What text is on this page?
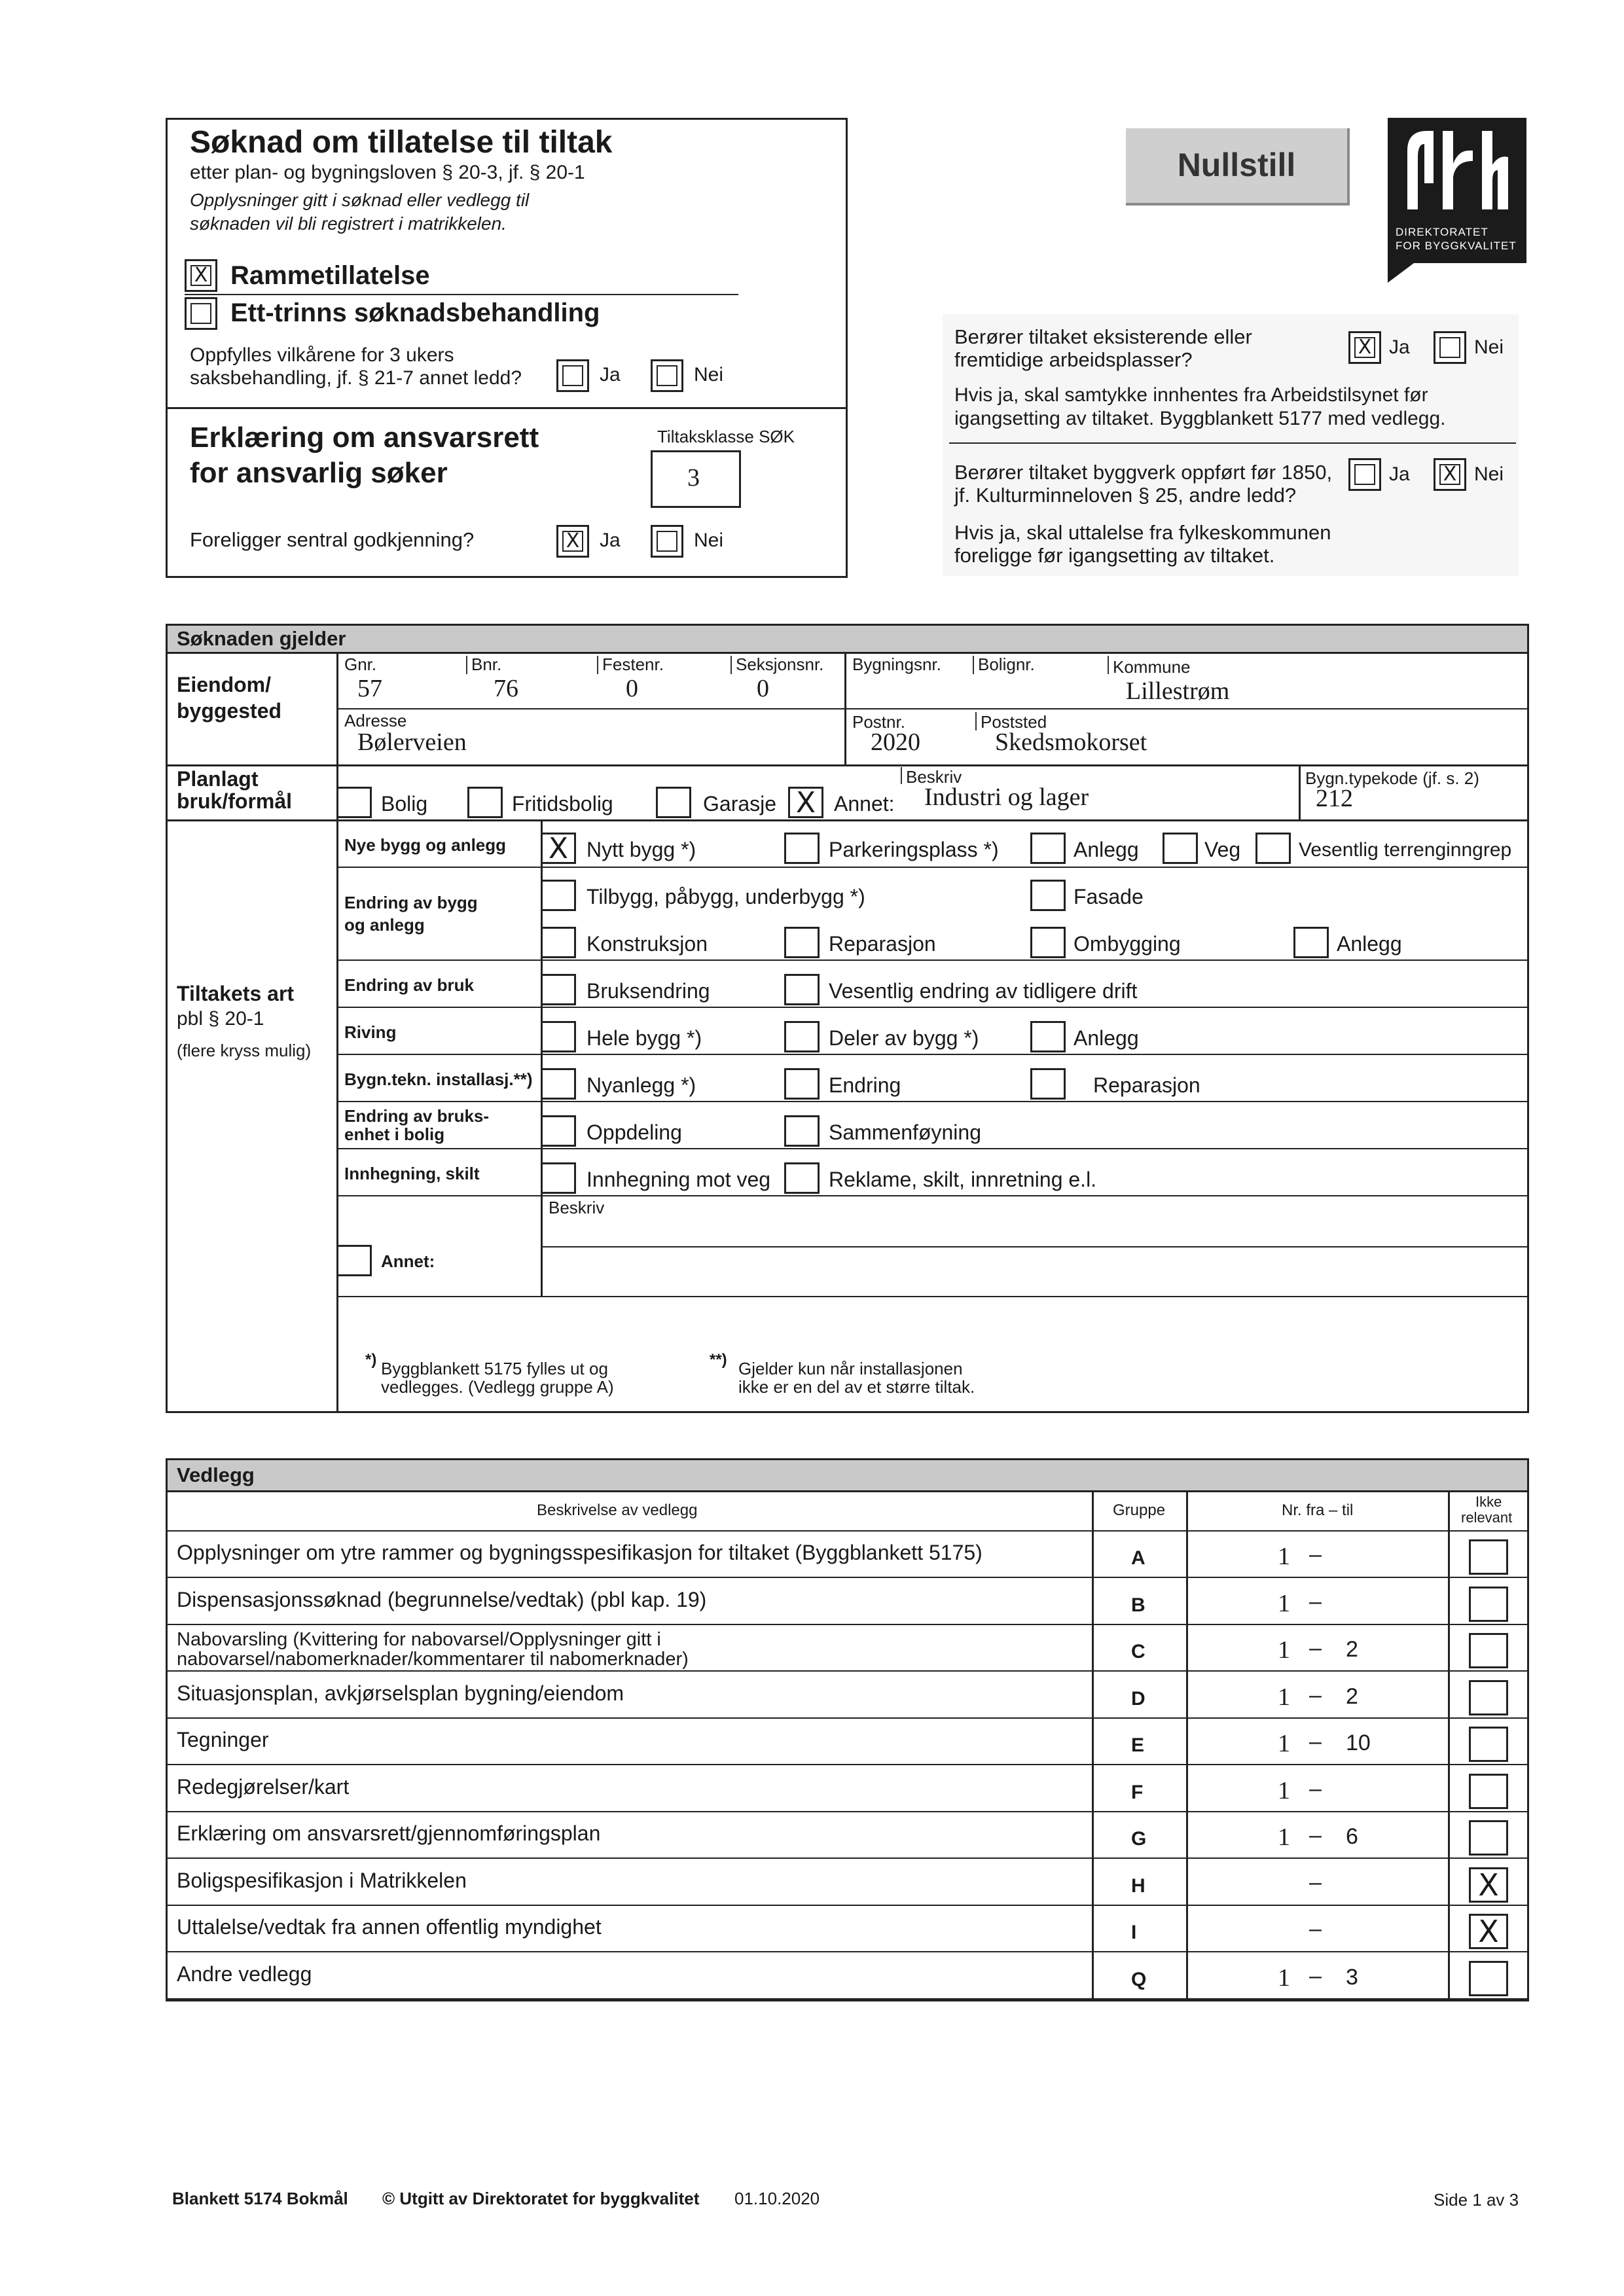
Søknad om tillatelse til tiltak
etter plan- og bygningsloven § 20-3, jf. § 20-1
Opplysninger gitt i søknad eller vedlegg til
søknaden vil bli registrert i matrikkelen.
X Rammetillatelse
Ett-trinns søknadsbehandling
Oppfylles vilkårene for 3 ukers
saksbehandling, jf. § 21-7 annet ledd?	Ja	Nei
Erklæring om ansvarsrett
for ansvarlig søker
Tiltaksklasse SØK
3
Foreligger sentral godkjenning?	X Ja	Nei
Nullstill
DIREKTORATET
FOR BYGGKVALITET
Berører tiltaket eksisterende eller
fremtidige arbeidsplasser?
X Ja	Nei
Hvis ja, skal samtykke innhentes fra Arbeidstilsynet før
igangsetting av tiltaket. Byggblankett 5177 med vedlegg.
Berører tiltaket byggverk oppført før 1850,
jf. Kulturminneloven § 25, andre ledd?
Ja X Nei
Hvis ja, skal uttalelse fra fylkeskommunen
foreligge før igangsetting av tiltaket.
Søknaden gjelder
Eiendom/
byggested
Gnr.
57
Bnr.
76
Festenr.
0
Seksjonsnr.
0
Bygningsnr. Bolignr.	Kommune
Lillestrøm
Adresse
Bølerveien
Postnr.
2020
Poststed
Skedsmokorset
Planlagt
bruk/formål	Bolig	Fritidsbolig	Garasje X Annet:
Beskriv
Industri og lager
Bygn.typekode (jf. s. 2)
212
Tiltakets art
pbl § 20-1
(flere kryss mulig)
Nye bygg og anlegg X Nytt bygg *)	Parkeringsplass *)	Anlegg	Veg	Vesentlig terrenginngrep
Endring av bygg
og anlegg
Tilbygg, påbygg, underbygg *)	Fasade
Konstruksjon	Reparasjon	Ombygging	Anlegg
Endring av bruk	Bruksendring	Vesentlig endring av tidligere drift
Riving	Hele bygg *)	Deler av bygg *)	Anlegg
Bygn.tekn. installasj.**)	Nyanlegg *)	Endring	Reparasjon
Endring av bruks-
enhet i bolig	Oppdeling	Sammenføyning
Innhegning, skilt	Innhegning mot veg	Reklame, skilt, innretning e.l.
Beskriv
Annet:
*) Byggblankett 5175 fylles ut og
vedlegges. (Vedlegg gruppe A)
**) Gjelder kun når installasjonen
ikke er en del av et større tiltak.
Vedlegg
Beskrivelse av vedlegg	Gruppe	Nr. fra – til	Ikke
relevant
Opplysninger om ytre rammer og bygningsspesifikasjon for tiltaket (Byggblankett 5175)	A	1 –
Dispensasjonssøknad (begrunnelse/vedtak) (pbl kap. 19)	B	1 –
Nabovarsling (Kvittering for nabovarsel/Opplysninger gitt i
nabovarsel/nabomerknader/kommentarer til nabomerknader)	C	1 – 2
Situasjonsplan, avkjørselsplan bygning/eiendom	D	1 – 2
Tegninger	E	1 – 10
Redegjørelser/kart	F	1 –
Erklæring om ansvarsrett/gjennomføringsplan	G	1 – 6
Boligspesifikasjon i Matrikkelen	H	–	X
Uttalelse/vedtak fra annen offentlig myndighet	I	–	X
Andre vedlegg	Q	1 – 3
Blankett 5174 Bokmål © Utgitt av Direktoratet for byggkvalitet 01.10.2020	Side 1 av 3
